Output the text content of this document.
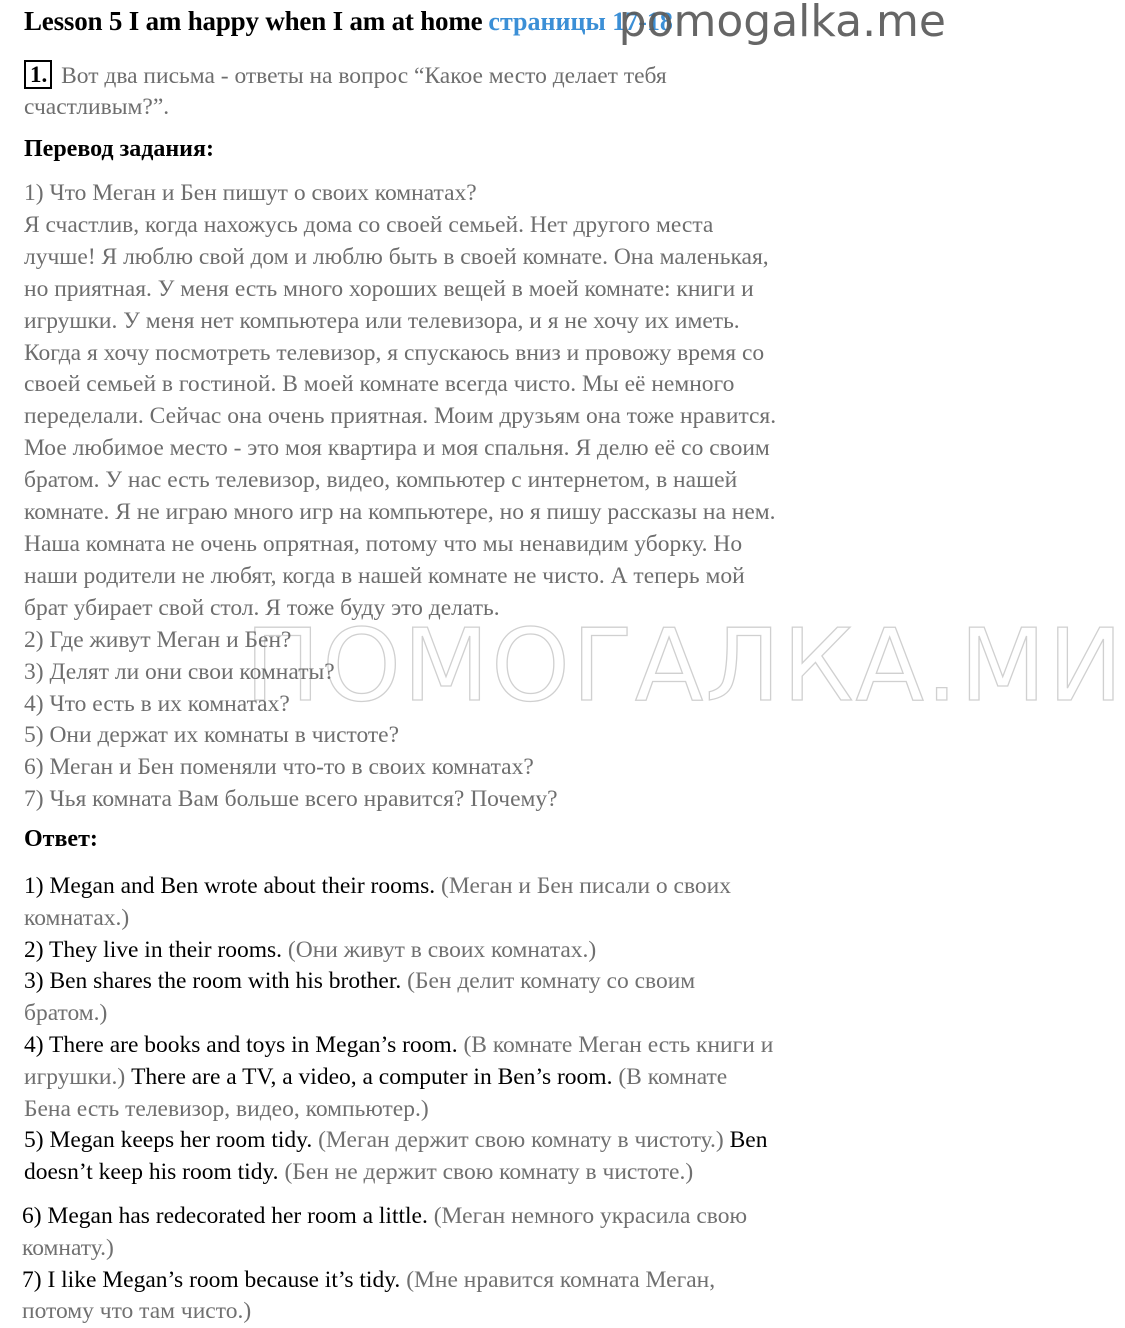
Lesson 5 I am happy when I am at home страницы 17-18
pomogalka.me
ПОМОГАЛКА.МИ
1. Вот два письма - ответы на вопрос “Какое место делает тебя
счастливым?”.
Перевод задания:
1) Что Меган и Бен пишут о своих комнатах?
Я счастлив, когда нахожусь дома со своей семьей. Нет другого места
лучше! Я люблю свой дом и люблю быть в своей комнате. Она маленькая,
но приятная. У меня есть много хороших вещей в моей комнате: книги и
игрушки. У меня нет компьютера или телевизора, и я не хочу их иметь.
Когда я хочу посмотреть телевизор, я спускаюсь вниз и провожу время со
своей семьей в гостиной. В моей комнате всегда чисто. Мы её немного
переделали. Сейчас она очень приятная. Моим друзьям она тоже нравится.
Мое любимое место - это моя квартира и моя спальня. Я делю её со своим
братом. У нас есть телевизор, видео, компьютер с интернетом, в нашей
комнате. Я не играю много игр на компьютере, но я пишу рассказы на нем.
Наша комната не очень опрятная, потому что мы ненавидим уборку. Но
наши родители не любят, когда в нашей комнате не чисто. А теперь мой
брат убирает свой стол. Я тоже буду это делать.
2) Где живут Меган и Бен?
3) Делят ли они свои комнаты?
4) Что есть в их комнатах?
5) Они держат их комнаты в чистоте?
6) Меган и Бен поменяли что-то в своих комнатах?
7) Чья комната Вам больше всего нравится? Почему?
Ответ:
1) Megan and Ben wrote about their rooms. (Меган и Бен писали о своих
комнатах.)
2) They live in their rooms. (Они живут в своих комнатах.)
3) Ben shares the room with his brother. (Бен делит комнату со своим
братом.)
4) There are books and toys in Megan’s room. (В комнате Меган есть книги и
игрушки.) There are a TV, a video, a computer in Ben’s room. (В комнате
Бена есть телевизор, видео, компьютер.)
5) Megan keeps her room tidy. (Меган держит свою комнату в чистоту.) Ben
doesn’t keep his room tidy. (Бен не держит свою комнату в чистоте.)
6) Megan has redecorated her room a little. (Меган немного украсила свою
комнату.)
7) I like Megan’s room because it’s tidy. (Мне нравится комната Меган,
потому что там чисто.)
